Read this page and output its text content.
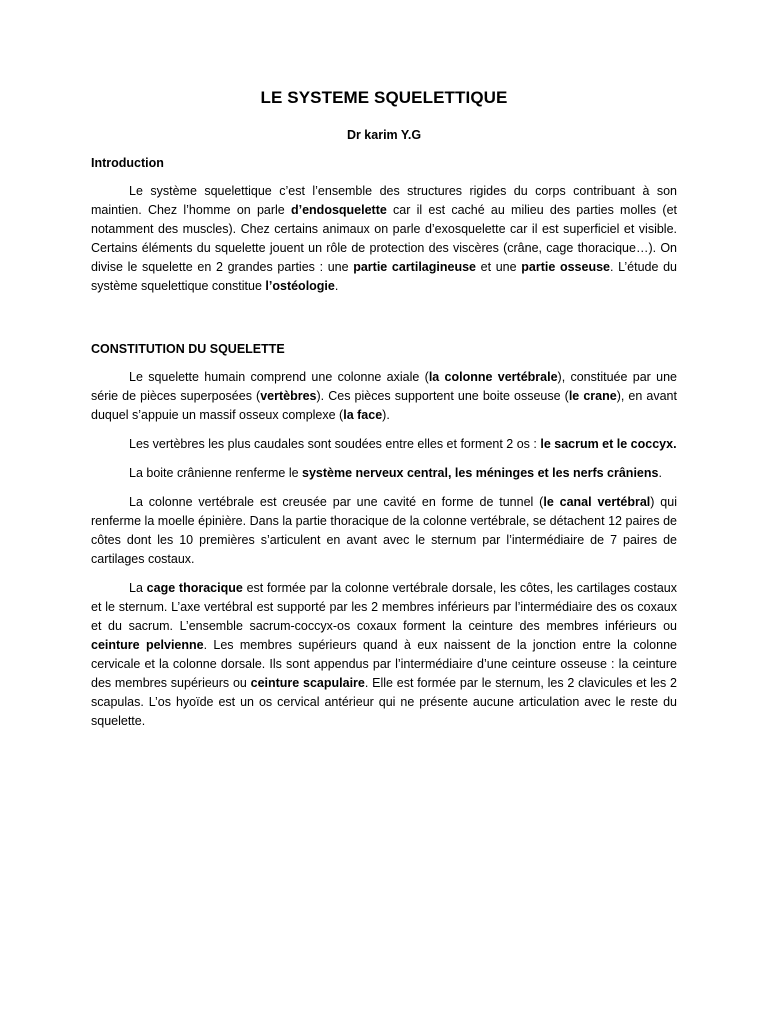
LE SYSTEME SQUELETTIQUE

Dr karim Y.G

Introduction

Le système squelettique c’est l’ensemble des structures rigides du corps contribuant à son maintien. Chez l’homme on parle d’endosquelette car il est caché au milieu des parties molles (et notamment des muscles). Chez certains animaux on parle d’exosquelette car il est superficiel et visible. Certains éléments du squelette jouent un rôle de protection des viscères (crâne, cage thoracique…). On divise le squelette en 2 grandes parties : une partie cartilagineuse et une partie osseuse. L’étude du système squelettique constitue l’ostéologie.

CONSTITUTION DU SQUELETTE

Le squelette humain comprend une colonne axiale (la colonne vertébrale), constituée par une série de pièces superposées (vertèbres). Ces pièces supportent une boite osseuse (le crane), en avant duquel s’appuie un massif osseux complexe (la face).

Les vertèbres les plus caudales sont soudées entre elles et forment 2 os : le sacrum et le coccyx.

La boite crânienne renferme le système nerveux central, les méninges et les nerfs crâniens.

La colonne vertébrale est creusée par une cavité en forme de tunnel (le canal vertébral) qui renferme la moelle épinière. Dans la partie thoracique de la colonne vertébrale, se détachent 12 paires de côtes dont les 10 premières s’articulent en avant avec le sternum par l’intermédiaire de 7 paires de cartilages costaux.

La cage thoracique est formée par la colonne vertébrale dorsale, les côtes, les cartilages costaux et le sternum. L’axe vertébral est supporté par les 2 membres inférieurs par l’intermédiaire des os coxaux et du sacrum. L’ensemble sacrum-coccyx-os coxaux forment la ceinture des membres inférieurs ou ceinture pelvienne. Les membres supérieurs quand à eux naissent de la jonction entre la colonne cervicale et la colonne dorsale. Ils sont appendus par l’intermédiaire d’une ceinture osseuse : la ceinture des membres supérieurs ou ceinture scapulaire. Elle est formée par le sternum, les 2 clavicules et les 2 scapulas. L’os hyoïde est un os cervical antérieur qui ne présente aucune articulation avec le reste du squelette.
